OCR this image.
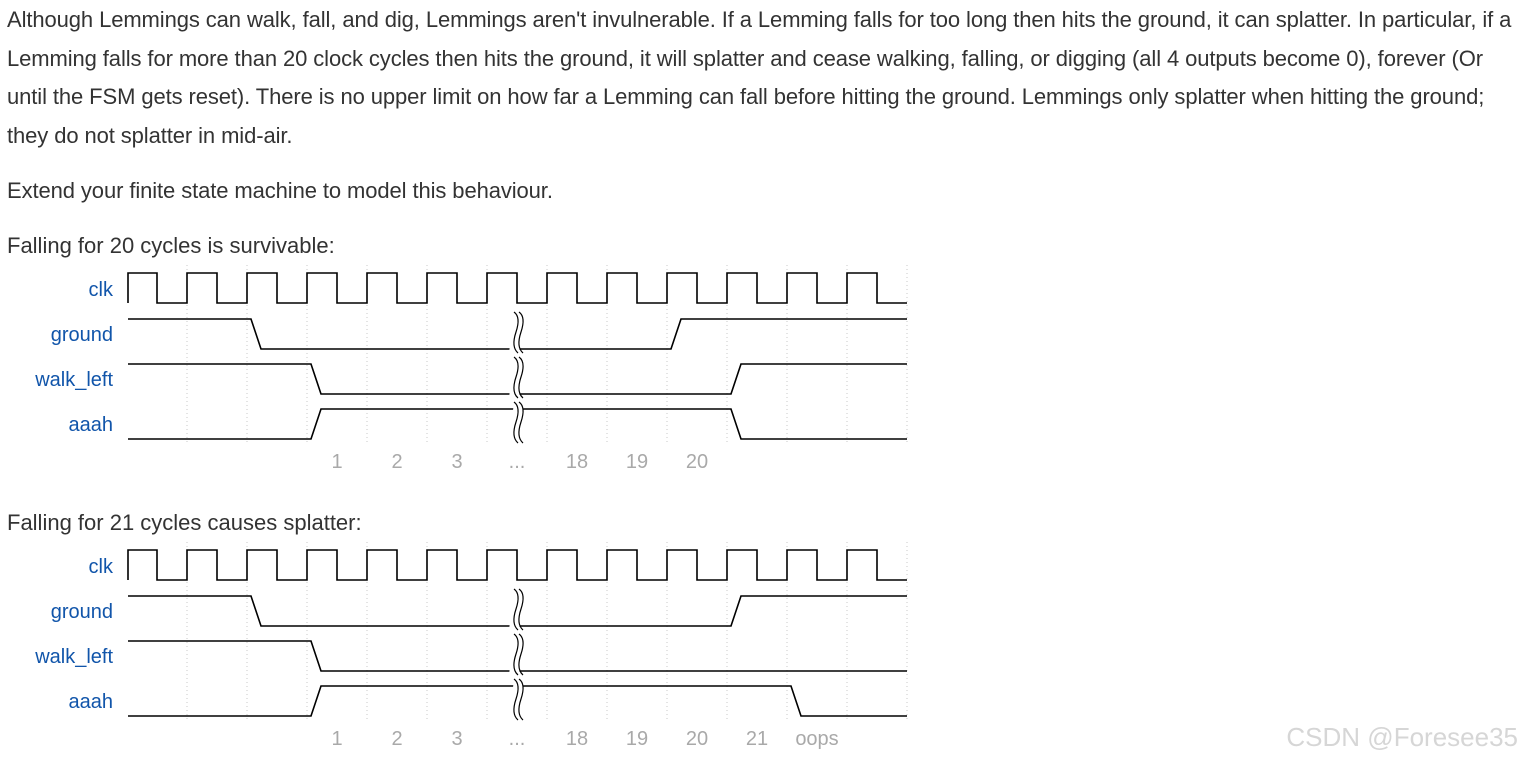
Although Lemmings can walk, fall, and dig, Lemmings aren't invulnerable. If a Lemming falls for too long then hits the ground, it can splatter. In particular, if a Lemming falls for more than 20 clock cycles then hits the ground, it will splatter and cease walking, falling, or digging (all 4 outputs become 0), forever (Or until the FSM gets reset). There is no upper limit on how far a Lemming can fall before hitting the ground. Lemmings only splatter when hitting the ground; they do not splatter in mid-air.

Extend your finite state machine to model this behaviour.

Falling for 20 cycles is survivable:

clk
ground
walk_left
aaah
1 2 3 ... 18 19 20

Falling for 21 cycles causes splatter:

clk
ground
walk_left
aaah
1 2 3 ... 18 19 20 21 oops	CSDN @Foresee35
